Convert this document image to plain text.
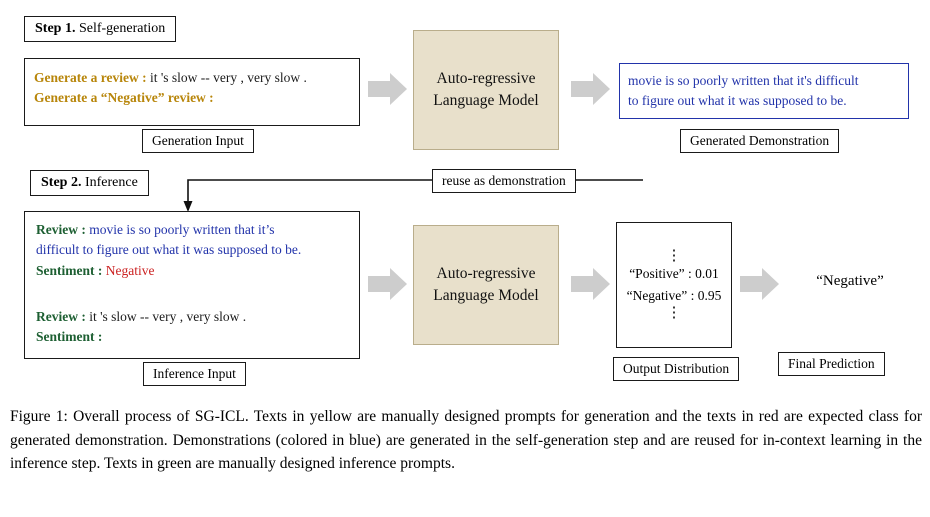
Step 1. Self-generation
Generate a review : it 's slow -- very , very slow .
Generate a “Negative” review :
Generation Input
Auto-regressive
Language Model
movie is so poorly written that it's difficult
to figure out what it was supposed to be.
Generated Demonstration
reuse as demonstration
Step 2. Inference
Review : movie is so poorly written that it’s
difficult to figure out what it was supposed to be.
Sentiment : Negative
Review : it 's slow -- very , very slow .
Sentiment :
Inference Input
Auto-regressive
Language Model
⋮
“Positive” : 0.01
“Negative” : 0.95
⋮
Output Distribution
“Negative”
Final Prediction
Figure 1: Overall process of SG-ICL. Texts in yellow are manually designed prompts for generation and the texts in red are expected class for generated demonstration. Demonstrations (colored in blue) are generated in the self-generation step and are reused for in-context learning in the inference step. Texts in green are manually designed inference prompts.
